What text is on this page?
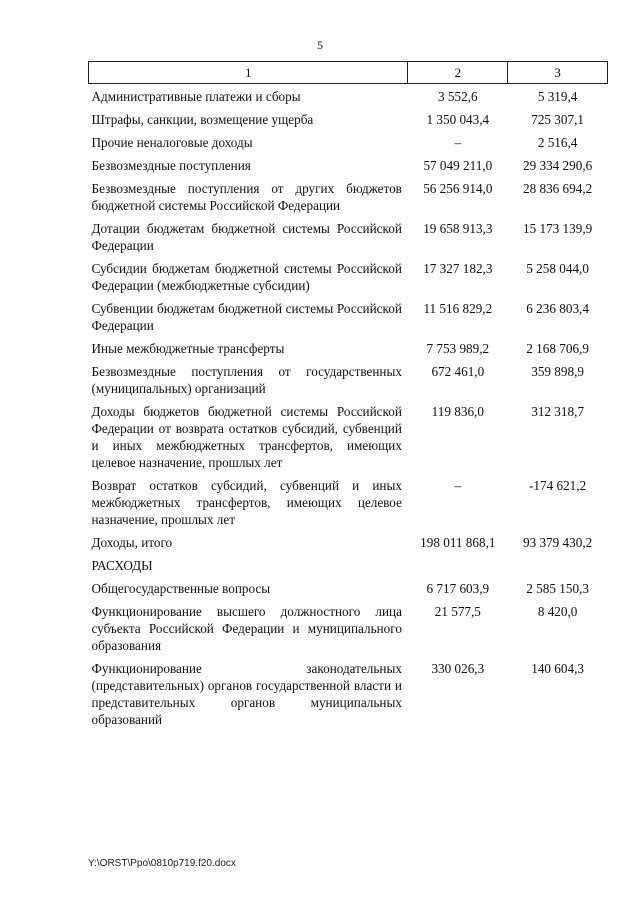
5
1	2	3
Административные платежи и сборы	3 552,6	5 319,4
Штрафы, санкции, возмещение ущерба	1 350 043,4	725 307,1
Прочие неналоговые доходы	–	2 516,4
Безвозмездные поступления	57 049 211,0	29 334 290,6
Безвозмездные поступления от других бюджетов бюджетной системы Российской Федерации	56 256 914,0	28 836 694,2
Дотации бюджетам бюджетной системы Российской Федерации	19 658 913,3	15 173 139,9
Субсидии бюджетам бюджетной системы Российской Федерации (межбюджетные субсидии)	17 327 182,3	5 258 044,0
Субвенции бюджетам бюджетной системы Российской Федерации	11 516 829,2	6 236 803,4
Иные межбюджетные трансферты	7 753 989,2	2 168 706,9
Безвозмездные поступления от государственных (муниципальных) организаций	672 461,0	359 898,9
Доходы бюджетов бюджетной системы Российской Федерации от возврата остатков субсидий, субвенций и иных межбюджетных трансфертов, имеющих целевое назначение, прошлых лет	119 836,0	312 318,7
Возврат остатков субсидий, субвенций и иных межбюджетных трансфертов, имеющих целевое назначение, прошлых лет	–	-174 621,2
Доходы, итого	198 011 868,1	93 379 430,2
РАСХОДЫ		
Общегосударственные вопросы	6 717 603,9	2 585 150,3
Функционирование высшего должностного лица субъекта Российской Федерации и муниципального образования	21 577,5	8 420,0
Функционирование законодательных (представительных) органов государственной власти и представительных органов муниципальных образований	330 026,3	140 604,3
Y:\ORST\Ppo\0810p719.f20.docx
